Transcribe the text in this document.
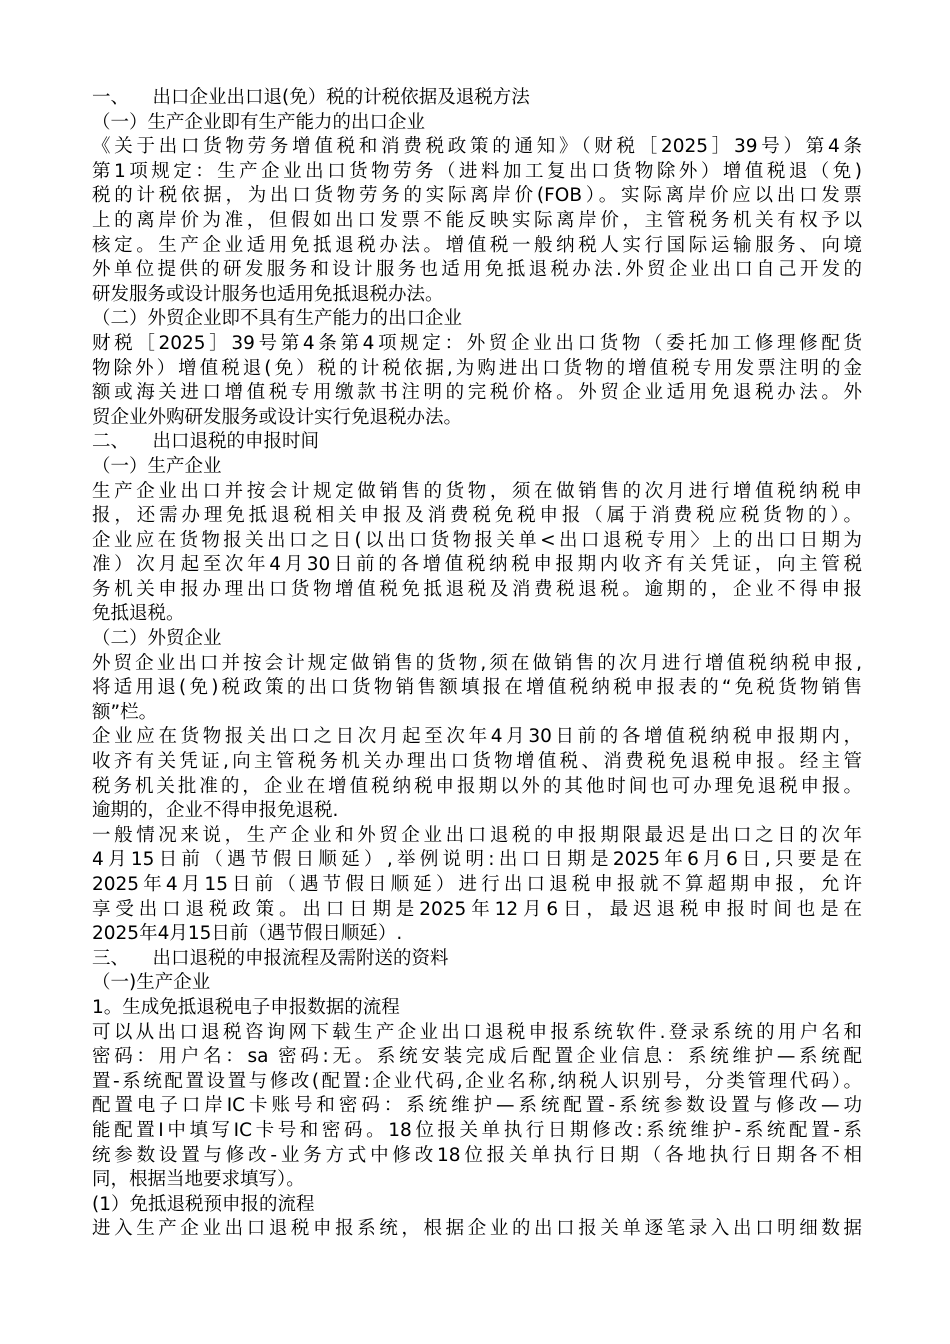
一、    出口企业出口退(免）税的计税依据及退税方法
（一）生产企业即有生产能力的出口企业
《关于出口货物劳务增值税和消费税政策的通知》（财税［2025］39号）第4条
第1项规定：生产企业出口货物劳务（进料加工复出口货物除外）增值税退（免)
税的计税依据，为出口货物劳务的实际离岸价(FOB）。实际离岸价应以出口发票
上的离岸价为准，但假如出口发票不能反映实际离岸价，主管税务机关有权予以
核定。生产企业适用免抵退税办法。增值税一般纳税人实行国际运输服务、向境
外单位提供的研发服务和设计服务也适用免抵退税办法.外贸企业出口自己开发的
研发服务或设计服务也适用免抵退税办法。
（二）外贸企业即不具有生产能力的出口企业
财税［2025］39号第4条第4项规定：外贸企业出口货物（委托加工修理修配货
物除外）增值税退(免）税的计税依据,为购进出口货物的增值税专用发票注明的金
额或海关进口增值税专用缴款书注明的完税价格。外贸企业适用免退税办法。外
贸企业外购研发服务或设计实行免退税办法。
二、    出口退税的申报时间
（一）生产企业
生产企业出口并按会计规定做销售的货物，须在做销售的次月进行增值税纳税申
报，还需办理免抵退税相关申报及消费税免税申报（属于消费税应税货物的）。
企业应在货物报关出口之日(以出口货物报关单<出口退税专用〉上的出口日期为
准）次月起至次年4月30日前的各增值税纳税申报期内收齐有关凭证，向主管税
务机关申报办理出口货物增值税免抵退税及消费税退税。逾期的，企业不得申报
免抵退税。
（二）外贸企业
外贸企业出口并按会计规定做销售的货物,须在做销售的次月进行增值税纳税申报,
将适用退(免)税政策的出口货物销售额填报在增值税纳税申报表的“免税货物销售
额”栏。
企业应在货物报关出口之日次月起至次年4月30日前的各增值税纳税申报期内，
收齐有关凭证,向主管税务机关办理出口货物增值税、消费税免退税申报。经主管
税务机关批准的，企业在增值税纳税申报期以外的其他时间也可办理免退税申报。
逾期的，企业不得申报免退税.
一般情况来说，生产企业和外贸企业出口退税的申报期限最迟是出口之日的次年
4月15日前（遇节假日顺延）,举例说明:出口日期是2025年6月6日,只要是在
2025年4月15日前（遇节假日顺延）进行出口退税申报就不算超期申报，允许
享受出口退税政策。出口日期是2025年12月6日，最迟退税申报时间也是在
2025年4月15日前（遇节假日顺延）.
三、    出口退税的申报流程及需附送的资料
（一)生产企业
1。生成免抵退税电子申报数据的流程
可以从出口退税咨询网下载生产企业出口退税申报系统软件.登录系统的用户名和
密码：用户名：sa 密码:无。系统安装完成后配置企业信息：系统维护—系统配
置-系统配置设置与修改(配置:企业代码,企业名称,纳税人识别号，分类管理代码）。
配置电子口岸IC卡账号和密码：系统维护—系统配置-系统参数设置与修改—功
能配置Ⅰ中填写IC卡号和密码。18位报关单执行日期修改:系统维护-系统配置-系
统参数设置与修改-业务方式中修改18位报关单执行日期（各地执行日期各不相
同，根据当地要求填写）。
(1）免抵退税预申报的流程
进入生产企业出口退税申报系统，根据企业的出口报关单逐笔录入出口明细数据
